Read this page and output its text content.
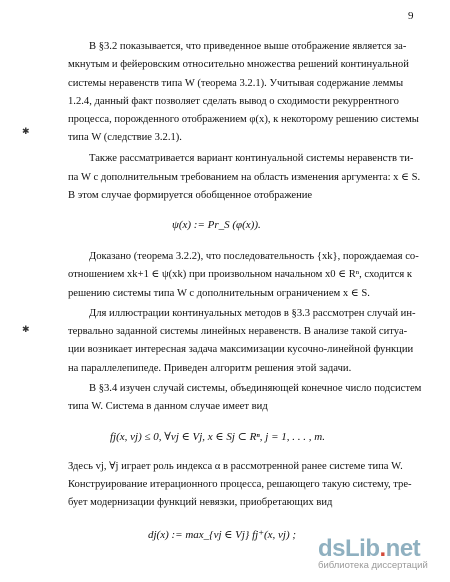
9
В §3.2 показывается, что приведенное выше отображение является за-
мкнутым и фейеровским относительно множества решений континуальной
системы неравенств типа W (теорема 3.2.1). Учитывая содержание леммы
1.2.4, данный факт позволяет сделать вывод о сходимости рекуррентного
процесса, порожденного отображением φ(x), к некоторому решению системы
типа W (следствие 3.2.1).
Также рассматривается вариант континуальной системы неравенств ти-
па W с дополнительным требованием на область изменения аргумента: x ∈ S.
В этом случае формируется обобщенное отображение
ψ(x) := Pr_S (φ(x)).
Доказано (теорема 3.2.2), что последовательность {xk}, порождаемая со-
отношением xk+1 ∈ ψ(xk) при произвольном начальном x0 ∈ Rⁿ, сходится к
решению системы типа W с дополнительным ограничением x ∈ S.
Для иллюстрации континуальных методов в §3.3 рассмотрен случай ин-
тервально заданной системы линейных неравенств. В анализе такой ситуа-
ции возникает интересная задача максимизации кусочно-линейной функции
на параллелепипеде. Приведен алгоритм решения этой задачи.
В §3.4 изучен случай системы, объединяющей конечное число подсистем
типа W. Система в данном случае имеет вид
fj(x, vj) ≤ 0, ∀vj ∈ Vj, x ∈ Sj ⊂ Rⁿ, j = 1, . . . , m.
Здесь vj, ∀j играет роль индекса α в рассмотренной ранее системе типа W.
Конструирование итерационного процесса, решающего такую систему, тре-
бует модернизации функций невязки, приобретающих вид
dj(x) := max_{vj ∈ Vj} fj⁺(x, vj) ;
✱
✱
dsLib.net
библиотека диссертаций
